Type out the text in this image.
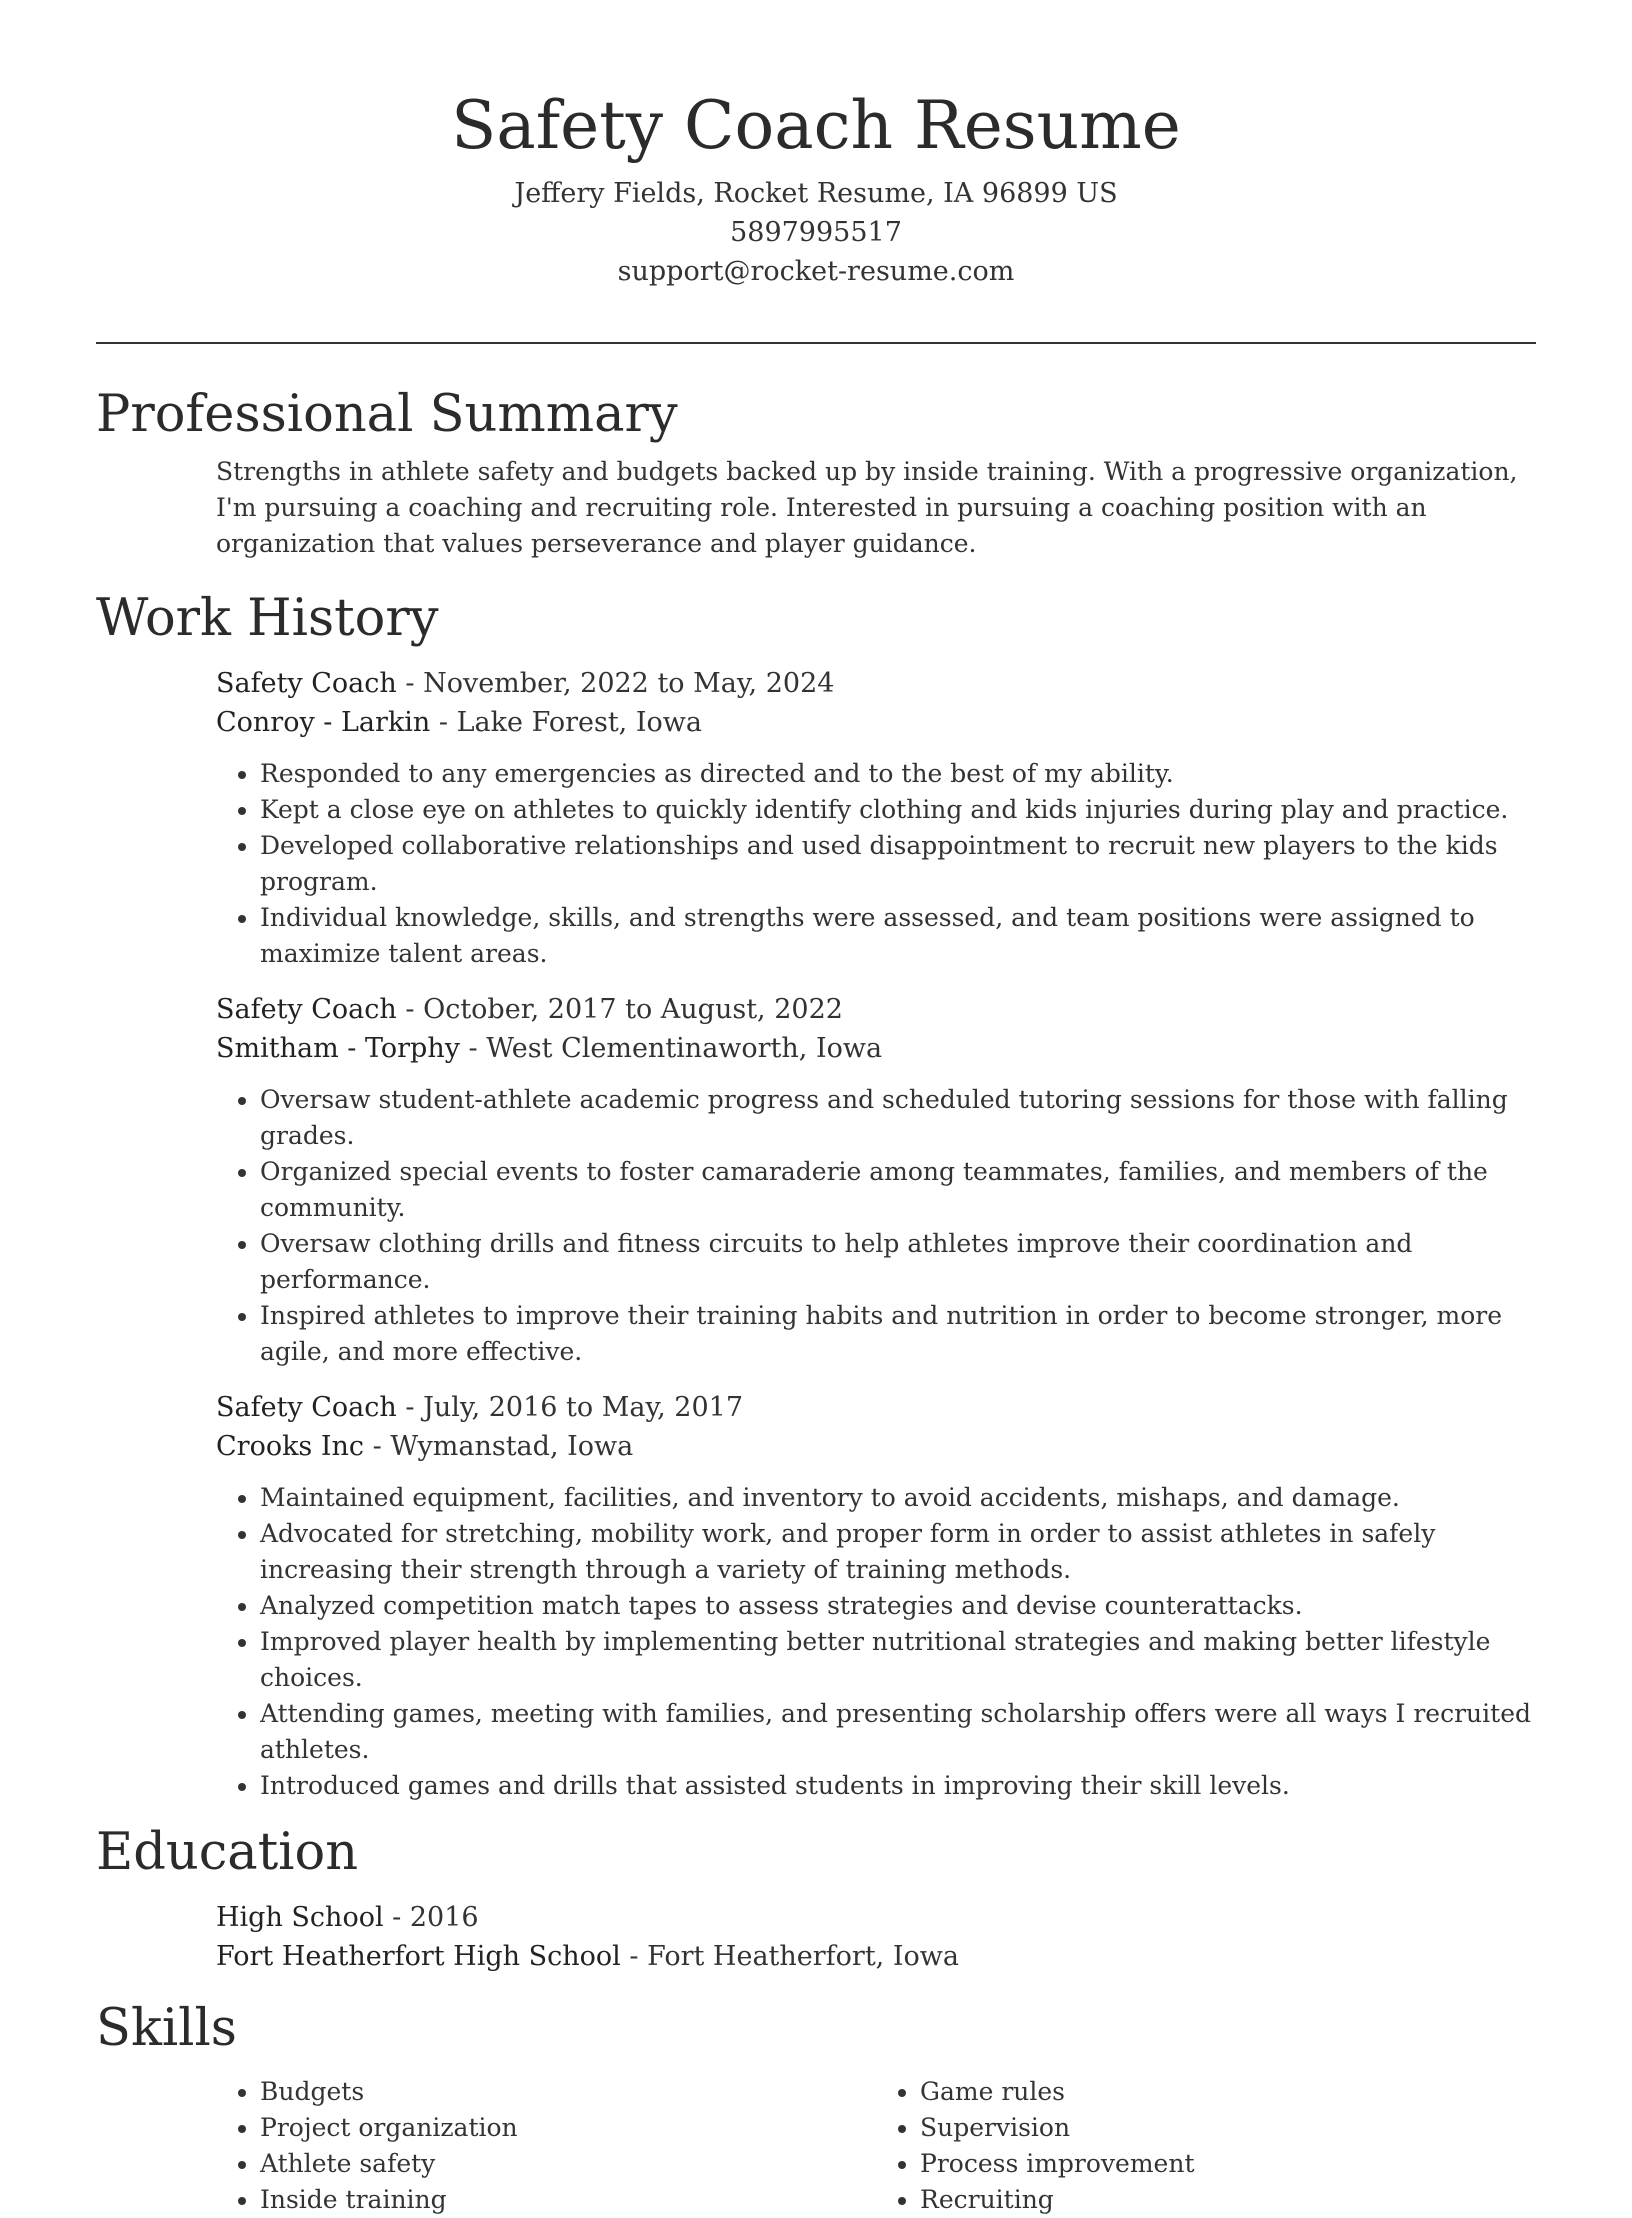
Safety Coach Resume
Jeffery Fields, Rocket Resume, IA 96899 US
5897995517
support@rocket-resume.com
Professional Summary

Strengths in athlete safety and budgets backed up by inside training. With a progressive organization, I'm pursuing a coaching and recruiting role. Interested in pursuing a coaching position with an organization that values perseverance and player guidance.

Work History
Safety Coach - November, 2022 to May, 2024
Conroy - Larkin - Lake Forest, Iowa
• Responded to any emergencies as directed and to the best of my ability.
• Kept a close eye on athletes to quickly identify clothing and kids injuries during play and practice.
• Developed collaborative relationships and used disappointment to recruit new players to the kids program.
• Individual knowledge, skills, and strengths were assessed, and team positions were assigned to maximize talent areas.
Safety Coach - October, 2017 to August, 2022
Smitham - Torphy - West Clementinaworth, Iowa
• Oversaw student-athlete academic progress and scheduled tutoring sessions for those with falling grades.
• Organized special events to foster camaraderie among teammates, families, and members of the community.
• Oversaw clothing drills and fitness circuits to help athletes improve their coordination and performance.
• Inspired athletes to improve their training habits and nutrition in order to become stronger, more agile, and more effective.
Safety Coach - July, 2016 to May, 2017
Crooks Inc - Wymanstad, Iowa
• Maintained equipment, facilities, and inventory to avoid accidents, mishaps, and damage.
• Advocated for stretching, mobility work, and proper form in order to assist athletes in safely increasing their strength through a variety of training methods.
• Analyzed competition match tapes to assess strategies and devise counterattacks.
• Improved player health by implementing better nutritional strategies and making better lifestyle choices.
• Attending games, meeting with families, and presenting scholarship offers were all ways I recruited athletes.
• Introduced games and drills that assisted students in improving their skill levels.
Education
High School - 2016
Fort Heatherfort High School - Fort Heatherfort, Iowa
Skills
• Budgets
• Project organization
• Athlete safety
• Inside training
• Game rules
• Supervision
• Process improvement
• Recruiting
